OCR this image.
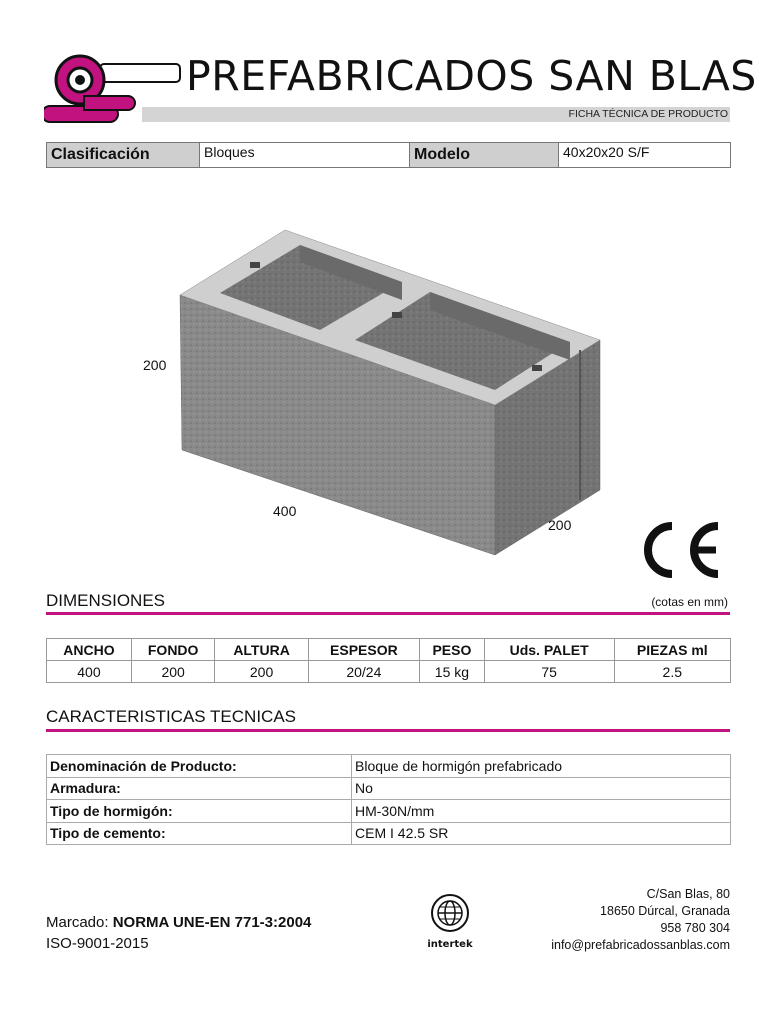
PREFABRICADOS SAN BLAS
FICHA TÉCNICA DE PRODUCTO
Clasificación	Bloques	Modelo	40x20x20 S/F
200
400
200	CE
DIMENSIONES	(cotas en mm)
ANCHO	FONDO	ALTURA	ESPESOR	PESO	Uds. PALET	PIEZAS ml
400	200	200	20/24	15 kg	75	2.5
CARACTERISTICAS TECNICAS
Denominación de Producto:	Bloque de hormigón prefabricado
Armadura:	No
Tipo de hormigón:	HM-30N/mm
Tipo de cemento:	CEM I 42.5 SR
Marcado: NORMA UNE-EN 771-3:2004
ISO-9001-2015	intertek
C/San Blas, 80
18650 Dúrcal, Granada
958 780 304
info@prefabricadossanblas.com
